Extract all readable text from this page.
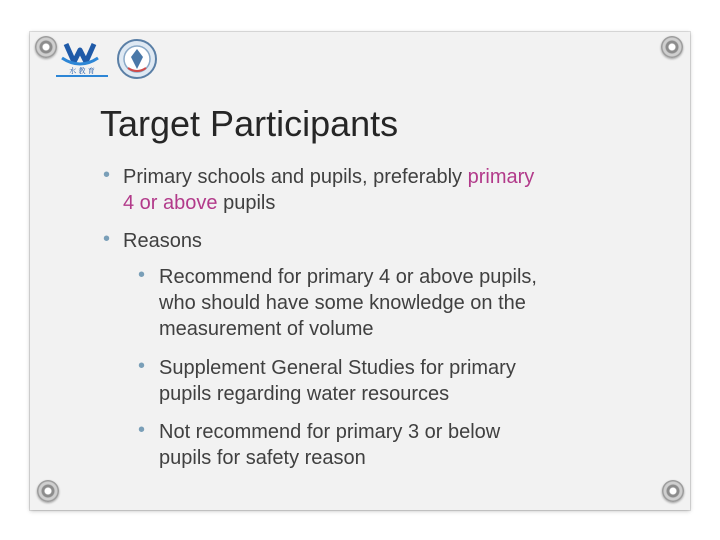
水 教 育
Target Participants
• Primary schools and pupils, preferably primary
4 or above pupils
• Reasons
• Recommend for primary 4 or above pupils,
who should have some knowledge on the
measurement of volume
• Supplement General Studies for primary
pupils regarding water resources
• Not recommend for primary 3 or below
pupils for safety reason
